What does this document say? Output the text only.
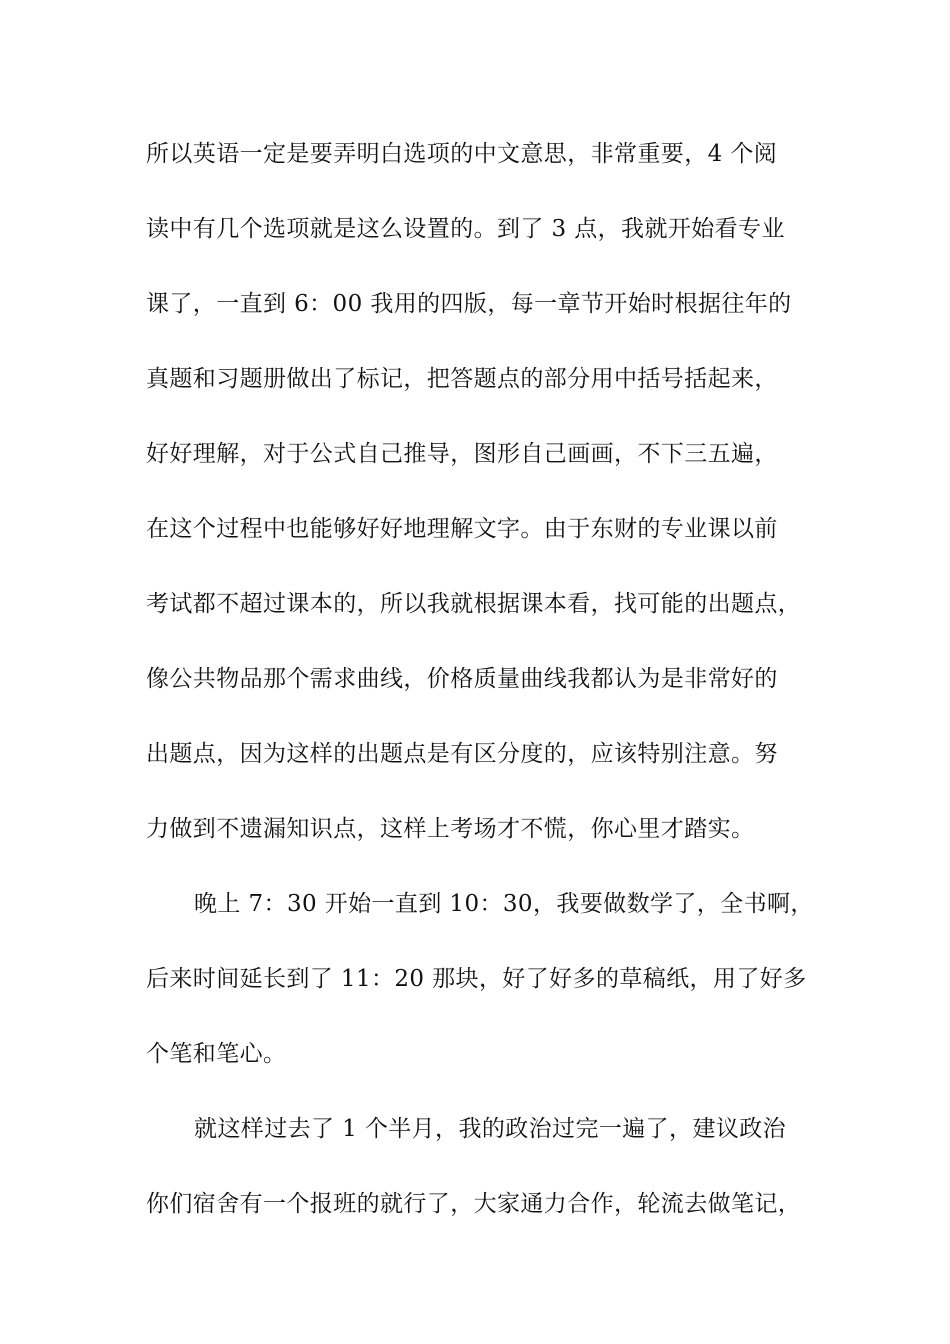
所以英语一定是要弄明白选项的中文意思，非常重要，4 个阅
读中有几个选项就是这么设置的。到了 3 点，我就开始看专业
课了，一直到 6：00 我用的四版，每一章节开始时根据往年的
真题和习题册做出了标记，把答题点的部分用中括号括起来，
好好理解，对于公式自己推导，图形自己画画，不下三五遍，
在这个过程中也能够好好地理解文字。由于东财的专业课以前
考试都不超过课本的，所以我就根据课本看，找可能的出题点，
像公共物品那个需求曲线，价格质量曲线我都认为是非常好的
出题点，因为这样的出题点是有区分度的，应该特别注意。努
力做到不遗漏知识点，这样上考场才不慌，你心里才踏实。
晚上 7：30 开始一直到 10：30，我要做数学了，全书啊，
后来时间延长到了 11：20 那块，好了好多的草稿纸，用了好多
个笔和笔心。
就这样过去了 1 个半月，我的政治过完一遍了，建议政治
你们宿舍有一个报班的就行了，大家通力合作，轮流去做笔记，
